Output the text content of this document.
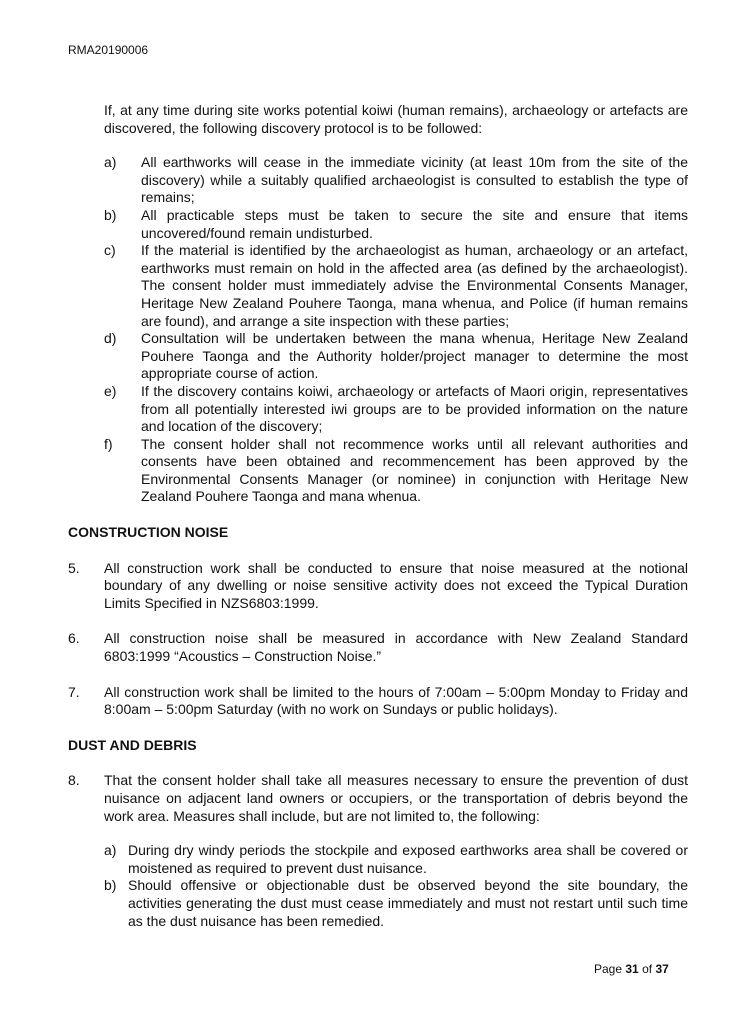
RMA20190006

If, at any time during site works potential koiwi (human remains), archaeology or artefacts are discovered, the following discovery protocol is to be followed:

a)	All earthworks will cease in the immediate vicinity (at least 10m from the site of the discovery) while a suitably qualified archaeologist is consulted to establish the type of remains;
b)	All practicable steps must be taken to secure the site and ensure that items uncovered/found remain undisturbed.
c)	If the material is identified by the archaeologist as human, archaeology or an artefact, earthworks must remain on hold in the affected area (as defined by the archaeologist). The consent holder must immediately advise the Environmental Consents Manager, Heritage New Zealand Pouhere Taonga, mana whenua, and Police (if human remains are found), and arrange a site inspection with these parties;
d)	Consultation will be undertaken between the mana whenua, Heritage New Zealand Pouhere Taonga and the Authority holder/project manager to determine the most appropriate course of action.
e)	If the discovery contains koiwi, archaeology or artefacts of Maori origin, representatives from all potentially interested iwi groups are to be provided information on the nature and location of the discovery;
f)	The consent holder shall not recommence works until all relevant authorities and consents have been obtained and recommencement has been approved by the Environmental Consents Manager (or nominee) in conjunction with Heritage New Zealand Pouhere Taonga and mana whenua.
CONSTRUCTION NOISE
5.	All construction work shall be conducted to ensure that noise measured at the notional boundary of any dwelling or noise sensitive activity does not exceed the Typical Duration Limits Specified in NZS6803:1999.
6.	All construction noise shall be measured in accordance with New Zealand Standard 6803:1999 “Acoustics – Construction Noise.”
7.	All construction work shall be limited to the hours of 7:00am – 5:00pm Monday to Friday and 8:00am – 5:00pm Saturday (with no work on Sundays or public holidays).
DUST AND DEBRIS
8.	That the consent holder shall take all measures necessary to ensure the prevention of dust nuisance on adjacent land owners or occupiers, or the transportation of debris beyond the work area. Measures shall include, but are not limited to, the following:
a) During dry windy periods the stockpile and exposed earthworks area shall be covered or moistened as required to prevent dust nuisance.
b) Should offensive or objectionable dust be observed beyond the site boundary, the activities generating the dust must cease immediately and must not restart until such time as the dust nuisance has been remedied.
Page 31 of 37
